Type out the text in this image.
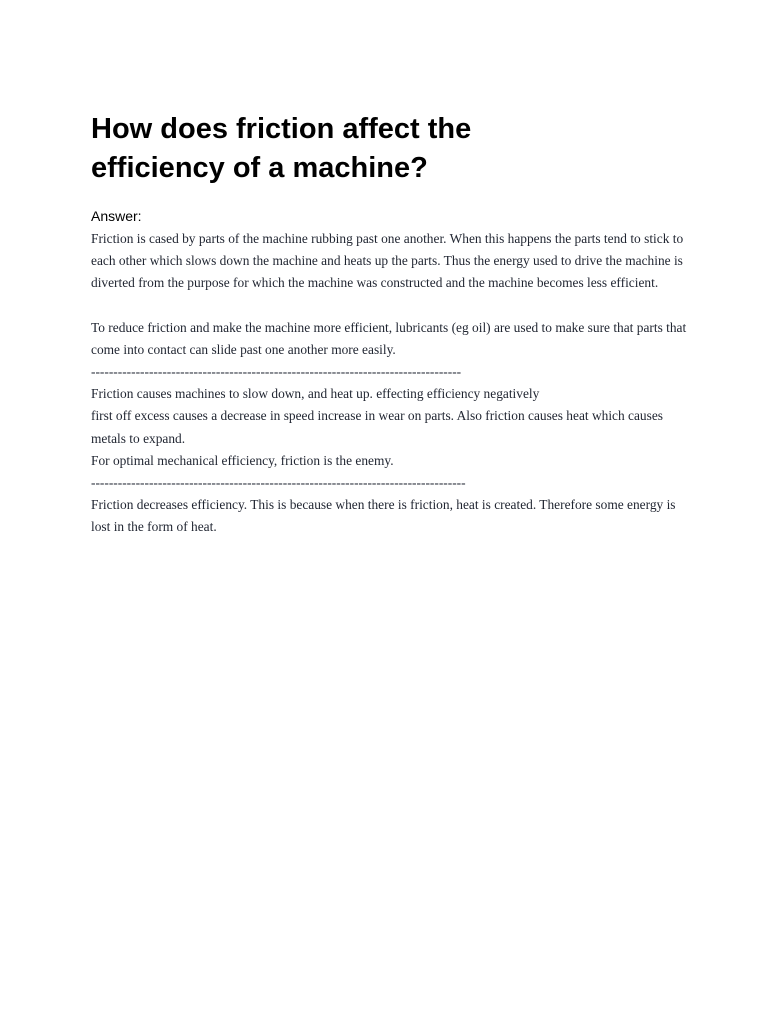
How does friction affect the efficiency of a machine?
Answer:

Friction is cased by parts of the machine rubbing past one another. When this happens the parts tend to stick to each other which slows down the machine and heats up the parts. Thus the energy used to drive the machine is diverted from the purpose for which the machine was constructed and the machine becomes less efficient.

To reduce friction and make the machine more efficient, lubricants (eg oil) are used to make sure that parts that come into contact can slide past one another more easily.

-----------------------------------------------------------------------------------

Friction causes machines to slow down, and heat up. effecting efficiency negatively

first off excess causes a decrease in speed increase in wear on parts. Also friction causes heat which causes metals to expand.

For optimal mechanical efficiency, friction is the enemy.

------------------------------------------------------------------------------------

Friction decreases efficiency. This is because when there is friction, heat is created. Therefore some energy is lost in the form of heat.
